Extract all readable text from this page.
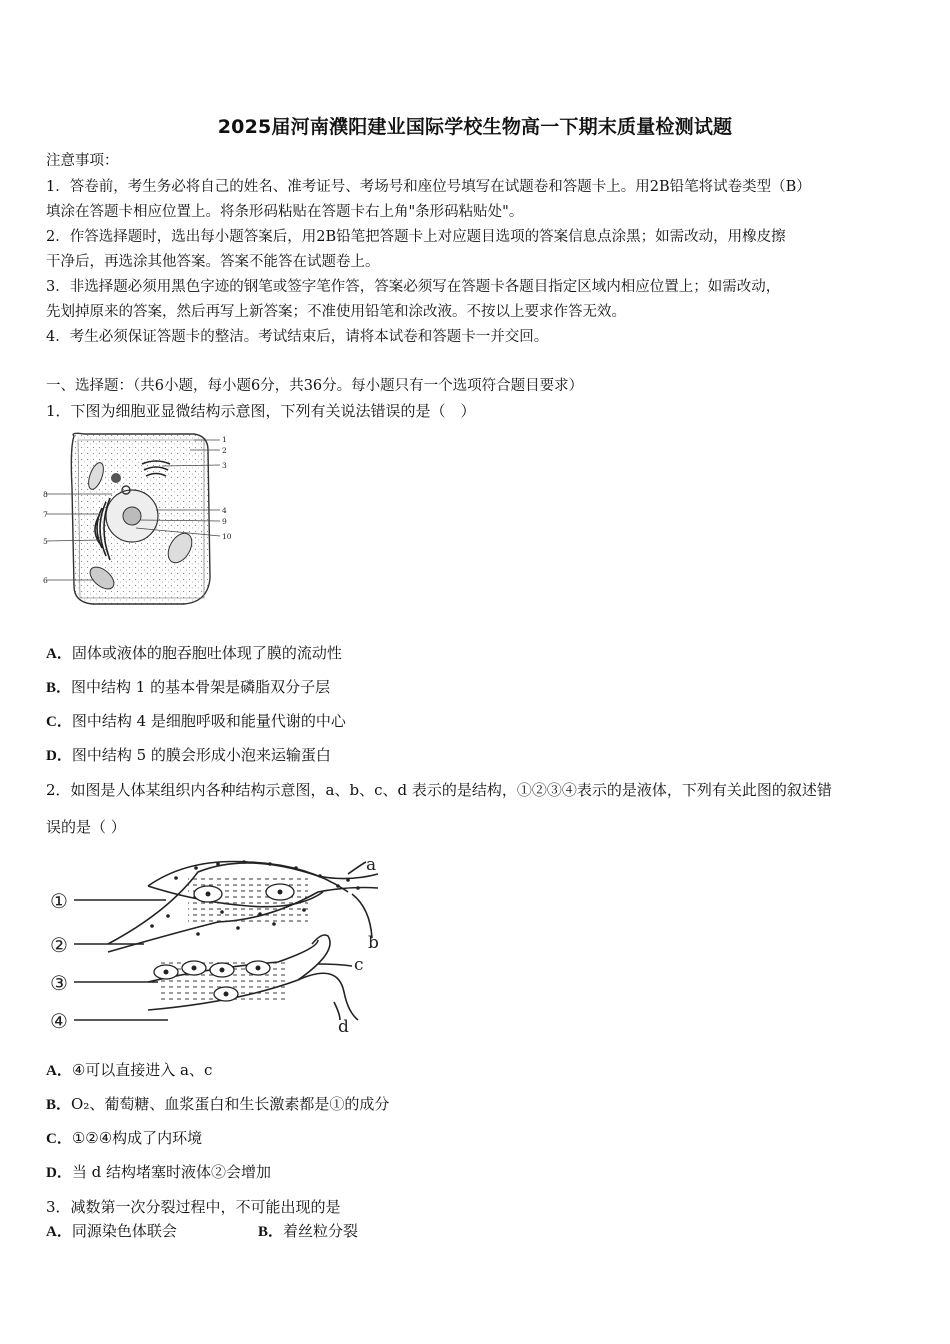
2025届河南濮阳建业国际学校生物高一下期末质量检测试题
注意事项：
1．答卷前，考生务必将自己的姓名、准考证号、考场号和座位号填写在试题卷和答题卡上。用2B铅笔将试卷类型（B）
填涂在答题卡相应位置上。将条形码粘贴在答题卡右上角"条形码粘贴处"。
2．作答选择题时，选出每小题答案后，用2B铅笔把答题卡上对应题目选项的答案信息点涂黑；如需改动，用橡皮擦
干净后，再选涂其他答案。答案不能答在试题卷上。
3．非选择题必须用黑色字迹的钢笔或签字笔作答，答案必须写在答题卡各题目指定区域内相应位置上；如需改动，
先划掉原来的答案，然后再写上新答案；不准使用铅笔和涂改液。不按以上要求作答无效。
4．考生必须保证答题卡的整洁。考试结束后，请将本试卷和答题卡一并交回。
一、选择题：（共6小题，每小题6分，共36分。每小题只有一个选项符合题目要求）
1．下图为细胞亚显微结构示意图，下列有关说法错误的是（　）
1
2
3
4
9
10
8
7
5
6
A．固体或液体的胞吞胞吐体现了膜的流动性
B．图中结构 1 的基本骨架是磷脂双分子层
C．图中结构 4 是细胞呼吸和能量代谢的中心
D．图中结构 5 的膜会形成小泡来运输蛋白
2．如图是人体某组织内各种结构示意图，a、b、c、d 表示的是结构，①②③④表示的是液体，下列有关此图的叙述错
误的是（ ）
①
②
③
④
a
b
c
d
A．④可以直接进入 a、c
B．O₂、葡萄糖、血浆蛋白和生长激素都是①的成分
C．①②④构成了内环境
D．当 d 结构堵塞时液体②会增加
3．减数第一次分裂过程中，不可能出现的是
A．同源染色体联会	B．着丝粒分裂
